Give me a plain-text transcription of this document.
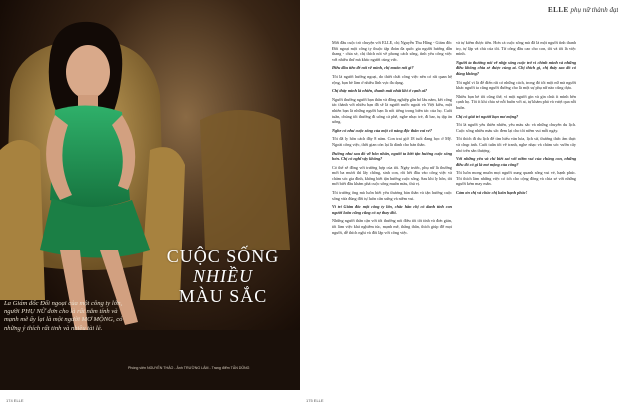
CUỘC SỐNG
NHIỀU
MÀU SẮC
La Giám đốc Đối ngoại của một công ty lớn, người PHỤ NỮ đơn cho là rất năm tính và mạnh mẽ ấy lại là một người MƠ MỘNG, có những ý thích rất tinh và nhiều tài lẻ.
Phóng viên NGUYỄN THẢO - Ảnh TRƯỜNG LÂM - Trang điểm TẤN DŨNG
ELLE phụ nữ thành đạt

Mới đầu cuộc trò chuyện với ELLE, chị Nguyễn Thu Hằng - Giám đốc Đối ngoại một công ty thuộc tập đoàn đa quốc gia người hướng dẫn thang - chia sẻ, chị thích nói về phong cách sống, tình yêu công việc với nhiều thứ mà khác người cùng vức.

Điều đầu tiên để nói về mình, chị muốn nói gì?

Tôi là người hướng ngoại, do thiết chất công việc nên có rất quan hệ rộng, bạn bè làm ở nhiều lĩnh vực đa dạng.

Chị thấy mình là nhiên, thanh mái nhất khi ở cạnh ai?

Người thường người bạn thân và đồng nghiệp gần bó lâu năm, kết công tác thành với nhiều bạn đã sẽ là người nước ngoài và Việt kiều, một nhiên bạn là những người bạn là nổi tiếng trong biên tác của họ. Cuối tuần, chúng tôi thường đi uống cà phê, nghe nhạc trẻ, đi bar, tụ tập ăn uống.

Nghe có như cuộc sống của một cô nàng độc thân vui vẻ?

Tôi đã ly hôn cách đây 8 năm. Con trai giờ 18 tuổi đang học ở Mỹ. Ngoài công việc, thời gian còn lại là dành cho bản thân.

Đường như sau đổ vỡ hôn nhân, người ta biết tận hưởng cuộc sống hơn. Chị có nghĩ vậy không?

Có thể sẽ đồng với trường hợp của tôi. Ngày trước, phụ nữ là thường mới ba mươi thì lấy chồng, sinh con, rồi hết đầu vào công việc và chăm sóc gia đình, không biết tận hưởng cuộc sống. Sau khi ly hôn, tôi mới biết đầu khám phá cuộc sống muôn màu, thú vị.

Tôi trường ông mà luôn biết yêu thương bản thân và tận hưởng cuộc sống vừa đúng đời tự luôn cân xứng và niềm vui.

Vì trí Giám đốc một công ty lớn, chắc hẳn chị có danh tính con người luôn cũng cũng có sự thay đổi.

Những người thân cận với tôi thường nói điều tôi tốt tính và đơn giản, tôi làm việc khá nghiêm túc, mạnh mẽ, thẳng thắn, thích giúp đỡ mọi người, dễ thích nghi và đối lập với công việc.

và tự kiếm được tiền. Hơn cả cuộc sống mà đã là một người tình thanh trọ, tự lập và chủ của tôi. Từ công đầu cao cho con, tôi và tôi là việc mình.

Người ta thường nói về nhịp sống cuộc trở vì chính mình và những điều không chia sẻ được cùng ai. Chị thích gì, chị thấy sao đó có đúng không?

Tôi nghĩ vì là để điển rất có những cách, trong đó tôi một nữ mà người khác người ta cũng người đường cho là một sự phụ nữ nào cũng dựa.

Nhiều bạn bè tôi cũng thế, vì một người gìn và gìn chút ít mình bên cạnh họ. Tôi ít khi chia sẻ nỗi buồn với ai, tự khám phá và vượt qua nỗi buồn.

Chị có giải trí người bạn mơ mộng?

Tôi là người yêu thiên nhiên, yêu màu sắc và những chuyến du lịch. Cuộc sống nhiều màu sắc đem lại cho tôi niềm vui mỗi ngày.

Tôi thích đi du lịch để tìm hiểu văn hóa, lịch sử, thưởng thức ẩm thực và chụp ảnh. Cuối tuần tôi vẽ tranh, nghe nhạc và chăm sóc vườn cây nhỏ trên sân thượng.

Với những yêu và chi biết sai với niềm vui của chúng con, những điều đó có gì là mơ mộng của công?

Tôi luôn mong muốn mọi người xung quanh sống vui vẻ, hạnh phúc. Tôi thích làm những việc có ích cho cộng đồng và chia sẻ với những người kém may mắn.

Cảm ơn chị và chúc chị luôn hạnh phúc!

174 ELLE	175 ELLE
